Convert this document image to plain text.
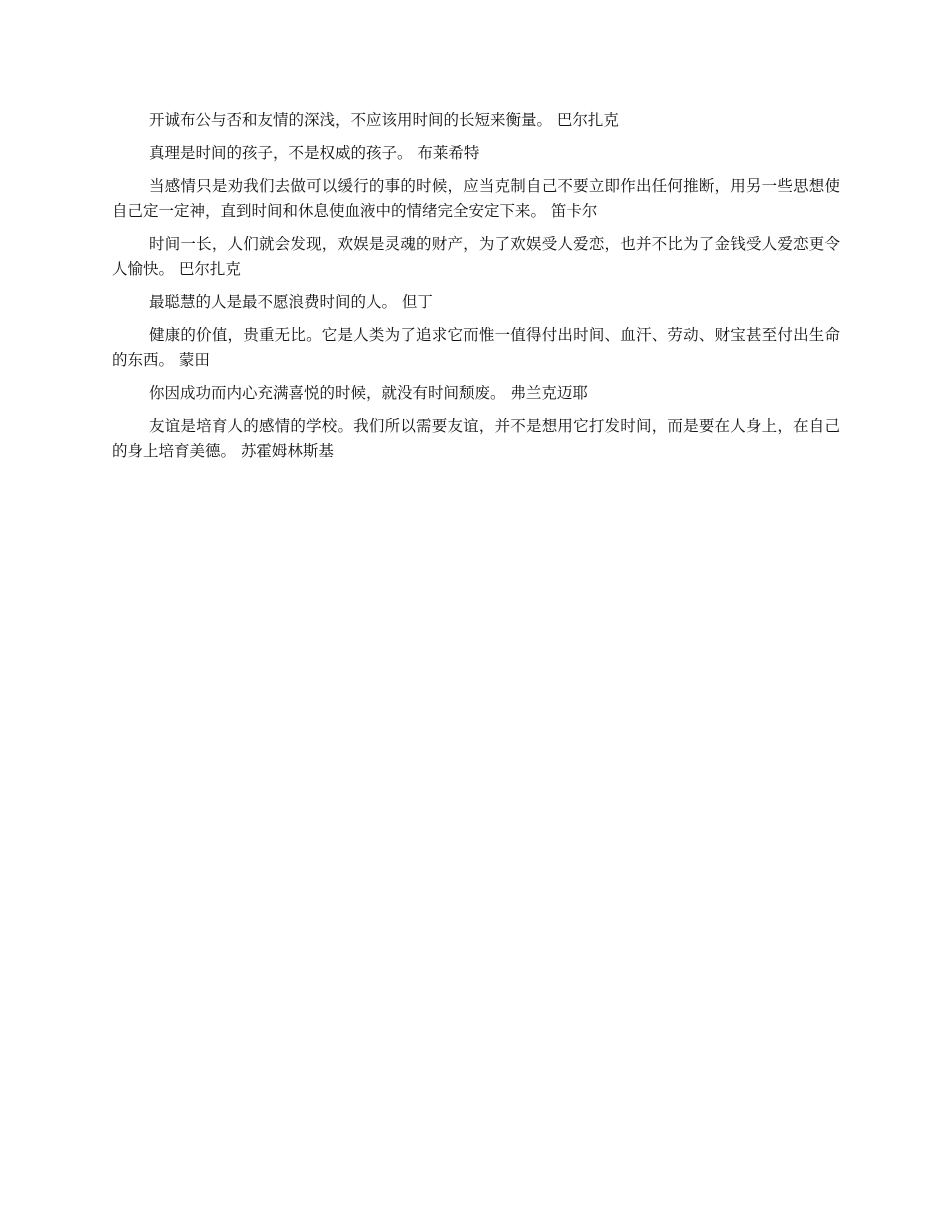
开诚布公与否和友情的深浅，不应该用时间的长短来衡量。 巴尔扎克

真理是时间的孩子，不是权威的孩子。 布莱希特

当感情只是劝我们去做可以缓行的事的时候，应当克制自己不要立即作出任何推断，用另一些思想使自己定一定神，直到时间和休息使血液中的情绪完全安定下来。 笛卡尔

时间一长，人们就会发现，欢娱是灵魂的财产，为了欢娱受人爱恋，也并不比为了金钱受人爱恋更令人愉快。 巴尔扎克

最聪慧的人是最不愿浪费时间的人。 但丁

健康的价值，贵重无比。它是人类为了追求它而惟一值得付出时间、血汗、劳动、财宝甚至付出生命的东西。 蒙田

你因成功而内心充满喜悦的时候，就没有时间颓废。 弗兰克迈耶

友谊是培育人的感情的学校。我们所以需要友谊，并不是想用它打发时间，而是要在人身上，在自己的身上培育美德。 苏霍姆林斯基
